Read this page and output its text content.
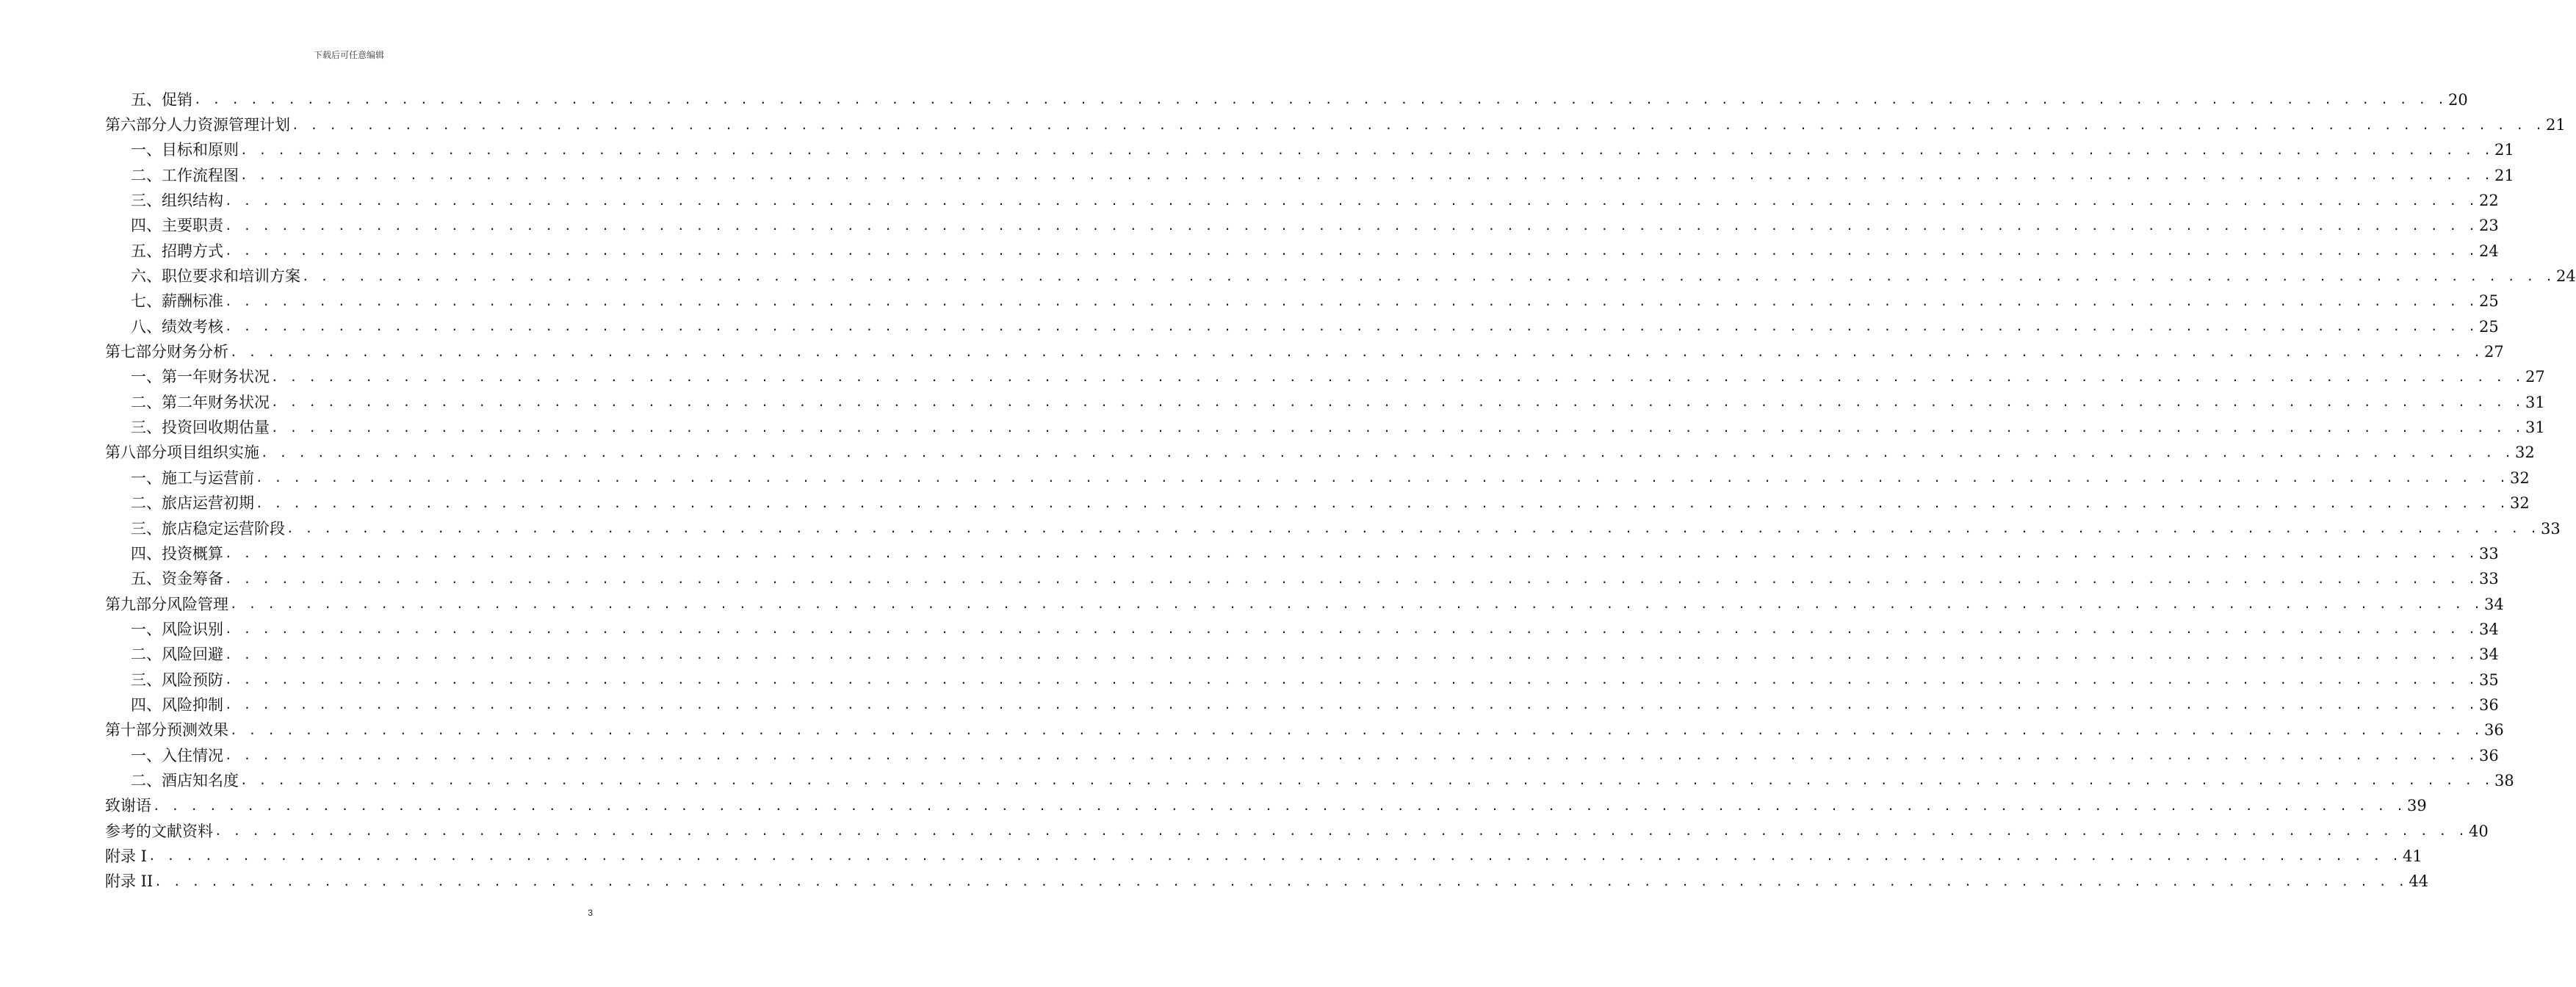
下载后可任意编辑
五、 促销 . . . . . . . . . . . . . . . . . . . . . . . . . . . . . . . . . . . . . . . . . . . . . . . . . . . . . . . . . . . . . . . . . . . . . . . . . . . . . . . . . . . . . . . . . . . . . . . . . . . . . . . . . . . . . . . . . . . . . . . . 20
第六部分 人力资源管理计划 . . . . . . . . . . . . . . . . . . . . . . . . . . . . . . . . . . . . . . . . . . . . . . . . . . . . . . . . . . . . . . . . . . . . . . . . . . . . . . . . . . . . . . . . . . . . . . . . . . . . . . . . . . . . . . . . . . . . . . . . 21
一、 目标和原则 . . . . . . . . . . . . . . . . . . . . . . . . . . . . . . . . . . . . . . . . . . . . . . . . . . . . . . . . . . . . . . . . . . . . . . . . . . . . . . . . . . . . . . . . . . . . . . . . . . . . . . . . . . . . . . . . . . . . . . . . 21
二、 工作流程图 . . . . . . . . . . . . . . . . . . . . . . . . . . . . . . . . . . . . . . . . . . . . . . . . . . . . . . . . . . . . . . . . . . . . . . . . . . . . . . . . . . . . . . . . . . . . . . . . . . . . . . . . . . . . . . . . . . . . . . . . 21
三、 组织结构 . . . . . . . . . . . . . . . . . . . . . . . . . . . . . . . . . . . . . . . . . . . . . . . . . . . . . . . . . . . . . . . . . . . . . . . . . . . . . . . . . . . . . . . . . . . . . . . . . . . . . . . . . . . . . . . . . . . . . . . . 22
四、 主要职责 . . . . . . . . . . . . . . . . . . . . . . . . . . . . . . . . . . . . . . . . . . . . . . . . . . . . . . . . . . . . . . . . . . . . . . . . . . . . . . . . . . . . . . . . . . . . . . . . . . . . . . . . . . . . . . . . . . . . . . . . 23
五、 招聘方式 . . . . . . . . . . . . . . . . . . . . . . . . . . . . . . . . . . . . . . . . . . . . . . . . . . . . . . . . . . . . . . . . . . . . . . . . . . . . . . . . . . . . . . . . . . . . . . . . . . . . . . . . . . . . . . . . . . . . . . . . 24
六、 职位要求和培训方案 . . . . . . . . . . . . . . . . . . . . . . . . . . . . . . . . . . . . . . . . . . . . . . . . . . . . . . . . . . . . . . . . . . . . . . . . . . . . . . . . . . . . . . . . . . . . . . . . . . . . . . . . . . . . . . . . . . . . . . . . 24
七、 薪酬标准 . . . . . . . . . . . . . . . . . . . . . . . . . . . . . . . . . . . . . . . . . . . . . . . . . . . . . . . . . . . . . . . . . . . . . . . . . . . . . . . . . . . . . . . . . . . . . . . . . . . . . . . . . . . . . . . . . . . . . . . . 25
八、 绩效考核 . . . . . . . . . . . . . . . . . . . . . . . . . . . . . . . . . . . . . . . . . . . . . . . . . . . . . . . . . . . . . . . . . . . . . . . . . . . . . . . . . . . . . . . . . . . . . . . . . . . . . . . . . . . . . . . . . . . . . . . . 25
第七部分 财务分析 . . . . . . . . . . . . . . . . . . . . . . . . . . . . . . . . . . . . . . . . . . . . . . . . . . . . . . . . . . . . . . . . . . . . . . . . . . . . . . . . . . . . . . . . . . . . . . . . . . . . . . . . . . . . . . . . . . . . . . . . 27
一、 第一年财务状况 . . . . . . . . . . . . . . . . . . . . . . . . . . . . . . . . . . . . . . . . . . . . . . . . . . . . . . . . . . . . . . . . . . . . . . . . . . . . . . . . . . . . . . . . . . . . . . . . . . . . . . . . . . . . . . . . . . . . . . . . 27
二、 第二年财务状况 . . . . . . . . . . . . . . . . . . . . . . . . . . . . . . . . . . . . . . . . . . . . . . . . . . . . . . . . . . . . . . . . . . . . . . . . . . . . . . . . . . . . . . . . . . . . . . . . . . . . . . . . . . . . . . . . . . . . . . . . 31
三、 投资回收期估量 . . . . . . . . . . . . . . . . . . . . . . . . . . . . . . . . . . . . . . . . . . . . . . . . . . . . . . . . . . . . . . . . . . . . . . . . . . . . . . . . . . . . . . . . . . . . . . . . . . . . . . . . . . . . . . . . . . . . . . . . 31
第八部分 项目组织实施 . . . . . . . . . . . . . . . . . . . . . . . . . . . . . . . . . . . . . . . . . . . . . . . . . . . . . . . . . . . . . . . . . . . . . . . . . . . . . . . . . . . . . . . . . . . . . . . . . . . . . . . . . . . . . . . . . . . . . . . . 32
一、 施工与运营前 . . . . . . . . . . . . . . . . . . . . . . . . . . . . . . . . . . . . . . . . . . . . . . . . . . . . . . . . . . . . . . . . . . . . . . . . . . . . . . . . . . . . . . . . . . . . . . . . . . . . . . . . . . . . . . . . . . . . . . . . 32
二、 旅店运营初期 . . . . . . . . . . . . . . . . . . . . . . . . . . . . . . . . . . . . . . . . . . . . . . . . . . . . . . . . . . . . . . . . . . . . . . . . . . . . . . . . . . . . . . . . . . . . . . . . . . . . . . . . . . . . . . . . . . . . . . . . 32
三、 旅店稳定运营阶段 . . . . . . . . . . . . . . . . . . . . . . . . . . . . . . . . . . . . . . . . . . . . . . . . . . . . . . . . . . . . . . . . . . . . . . . . . . . . . . . . . . . . . . . . . . . . . . . . . . . . . . . . . . . . . . . . . . . . . . . . 33
四、 投资概算 . . . . . . . . . . . . . . . . . . . . . . . . . . . . . . . . . . . . . . . . . . . . . . . . . . . . . . . . . . . . . . . . . . . . . . . . . . . . . . . . . . . . . . . . . . . . . . . . . . . . . . . . . . . . . . . . . . . . . . . . 33
五、 资金筹备 . . . . . . . . . . . . . . . . . . . . . . . . . . . . . . . . . . . . . . . . . . . . . . . . . . . . . . . . . . . . . . . . . . . . . . . . . . . . . . . . . . . . . . . . . . . . . . . . . . . . . . . . . . . . . . . . . . . . . . . . 33
第九部分 风险管理 . . . . . . . . . . . . . . . . . . . . . . . . . . . . . . . . . . . . . . . . . . . . . . . . . . . . . . . . . . . . . . . . . . . . . . . . . . . . . . . . . . . . . . . . . . . . . . . . . . . . . . . . . . . . . . . . . . . . . . . . 34
一、 风险识别 . . . . . . . . . . . . . . . . . . . . . . . . . . . . . . . . . . . . . . . . . . . . . . . . . . . . . . . . . . . . . . . . . . . . . . . . . . . . . . . . . . . . . . . . . . . . . . . . . . . . . . . . . . . . . . . . . . . . . . . . 34
二、 风险回避 . . . . . . . . . . . . . . . . . . . . . . . . . . . . . . . . . . . . . . . . . . . . . . . . . . . . . . . . . . . . . . . . . . . . . . . . . . . . . . . . . . . . . . . . . . . . . . . . . . . . . . . . . . . . . . . . . . . . . . . . 34
三、 风险预防 . . . . . . . . . . . . . . . . . . . . . . . . . . . . . . . . . . . . . . . . . . . . . . . . . . . . . . . . . . . . . . . . . . . . . . . . . . . . . . . . . . . . . . . . . . . . . . . . . . . . . . . . . . . . . . . . . . . . . . . . 35
四、 风险抑制 . . . . . . . . . . . . . . . . . . . . . . . . . . . . . . . . . . . . . . . . . . . . . . . . . . . . . . . . . . . . . . . . . . . . . . . . . . . . . . . . . . . . . . . . . . . . . . . . . . . . . . . . . . . . . . . . . . . . . . . . 36
第十部分 预测效果 . . . . . . . . . . . . . . . . . . . . . . . . . . . . . . . . . . . . . . . . . . . . . . . . . . . . . . . . . . . . . . . . . . . . . . . . . . . . . . . . . . . . . . . . . . . . . . . . . . . . . . . . . . . . . . . . . . . . . . . . 36
一、 入住情况 . . . . . . . . . . . . . . . . . . . . . . . . . . . . . . . . . . . . . . . . . . . . . . . . . . . . . . . . . . . . . . . . . . . . . . . . . . . . . . . . . . . . . . . . . . . . . . . . . . . . . . . . . . . . . . . . . . . . . . . . 36
二、 酒店知名度 . . . . . . . . . . . . . . . . . . . . . . . . . . . . . . . . . . . . . . . . . . . . . . . . . . . . . . . . . . . . . . . . . . . . . . . . . . . . . . . . . . . . . . . . . . . . . . . . . . . . . . . . . . . . . . . . . . . . . . . . 38
致谢语 . . . . . . . . . . . . . . . . . . . . . . . . . . . . . . . . . . . . . . . . . . . . . . . . . . . . . . . . . . . . . . . . . . . . . . . . . . . . . . . . . . . . . . . . . . . . . . . . . . . . . . . . . . . . . . . . . . . . . . . . 39
参考的文献资料 . . . . . . . . . . . . . . . . . . . . . . . . . . . . . . . . . . . . . . . . . . . . . . . . . . . . . . . . . . . . . . . . . . . . . . . . . . . . . . . . . . . . . . . . . . . . . . . . . . . . . . . . . . . . . . . . . . . . . . . . 40
附录 I . . . . . . . . . . . . . . . . . . . . . . . . . . . . . . . . . . . . . . . . . . . . . . . . . . . . . . . . . . . . . . . . . . . . . . . . . . . . . . . . . . . . . . . . . . . . . . . . . . . . . . . . . . . . . . . . . . . . . . . . 41
附录 II . . . . . . . . . . . . . . . . . . . . . . . . . . . . . . . . . . . . . . . . . . . . . . . . . . . . . . . . . . . . . . . . . . . . . . . . . . . . . . . . . . . . . . . . . . . . . . . . . . . . . . . . . . . . . . . . . . . . . . . . 44
3
